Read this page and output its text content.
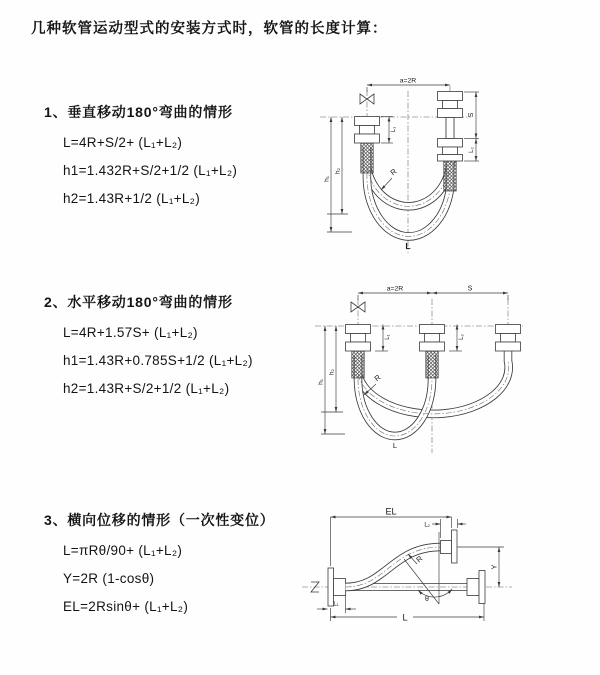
几种软管运动型式的安装方式时，软管的长度计算：
1、垂直移动180°弯曲的情形
L=4R+S/2+ (L₁+L₂)
h1=1.432R+S/2+1/2 (L₁+L₂)
h2=1.43R+1/2 (L₁+L₂)
2、水平移动180°弯曲的情形
L=4R+1.57S+ (L₁+L₂)
h1=1.43R+0.785S+1/2 (L₁+L₂)
h2=1.43R+S/2+1/2 (L₁+L₂)
3、横向位移的情形（一次性变位）
L=πRθ/90+ (L₁+L₂)
Y=2R (1-cosθ)
EL=2Rsinθ+ (L₁+L₂)
a=2R
S
L₂
L₁
h₁
h₂	R
L
a=2R	S
L₁	L₂
h₁
h₂
R
L
θ
R
EL
L₂
Y
L
L₁
